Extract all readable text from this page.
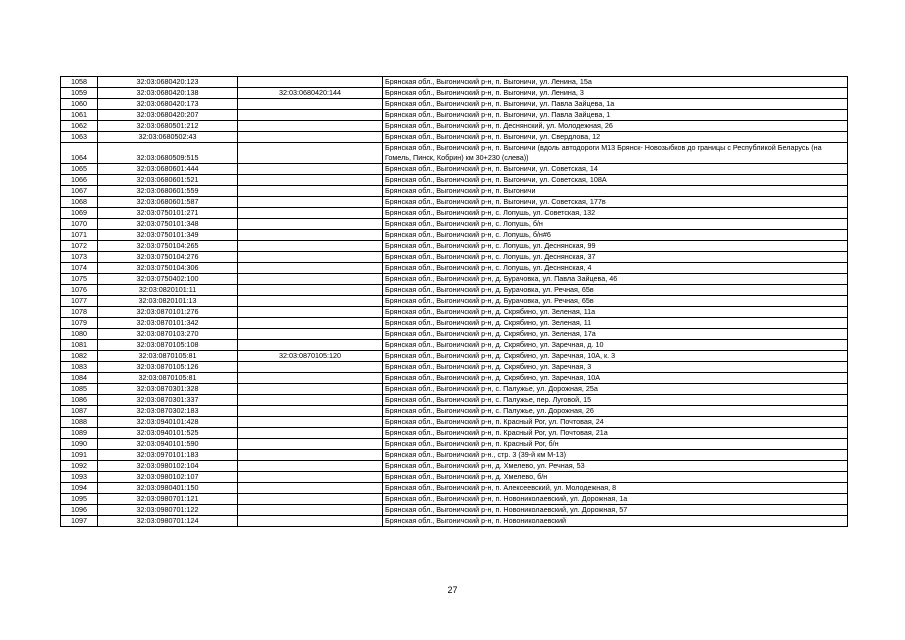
1058	32:03:0680420:123		Брянская обл., Выгоничский р-н, п. Выгоничи, ул. Ленина, 15а
1059	32:03:0680420:138	32:03:0680420:144	Брянская обл., Выгоничский р-н, п. Выгоничи, ул. Ленина, 3
1060	32:03:0680420:173		Брянская обл., Выгоничский р-н, п. Выгоничи, ул. Павла Зайцева, 1а
1061	32:03:0680420:207		Брянская обл., Выгоничский р-н, п. Выгоничи, ул. Павла Зайцева, 1
1062	32:03:0680501:212		Брянская обл., Выгоничский р-н, п. Деснянский, ул. Молодежная, 26
1063	32:03:0680502:43		Брянская обл., Выгоничский р-н, п. Выгоничи, ул. Свердлова, 12
1064	32:03:0680509:515		Брянская обл., Выгоничский р-н, п. Выгоничи (вдоль автодороги М13 Брянск- Новозыбков до границы с Республикой Беларусь (на Гомель, Пинск, Кобрин) км 30+230 (слева))
1065	32:03:0680601:444		Брянская обл., Выгоничский р-н, п. Выгоничи, ул. Советская, 14
1066	32:03:0680601:521		Брянская обл., Выгоничский р-н, п. Выгоничи, ул. Советская, 108А
1067	32:03:0680601:559		Брянская обл., Выгоничский р-н, п. Выгоничи
1068	32:03:0680601:587		Брянская обл., Выгоничский р-н, п. Выгоничи, ул. Советская, 177в
1069	32:03:0750101:271		Брянская обл., Выгоничский р-н, с. Лопушь, ул. Советская, 132
1070	32:03:0750101:348		Брянская обл., Выгоничский р-н, с. Лопушь, б/н
1071	32:03:0750101:349		Брянская обл., Выгоничский р-н, с. Лопушь, б/н#6
1072	32:03:0750104:265		Брянская обл., Выгоничский р-н, с. Лопушь, ул. Деснянская, 99
1073	32:03:0750104:276		Брянская обл., Выгоничский р-н, с. Лопушь, ул. Деснянская, 37
1074	32:03:0750104:306		Брянская обл., Выгоничский р-н, с. Лопушь, ул. Деснянская, 4
1075	32:03:0750402:100		Брянская обл., Выгоничский р-н, д. Бурачовка, ул. Павла Зайцева, 46
1076	32:03:0820101:11		Брянская обл., Выгоничский р-н, д. Бурачовка, ул. Речная, 65в
1077	32:03:0820101:13		Брянская обл., Выгоничский р-н, д. Бурачовка, ул. Речная, 65в
1078	32:03:0870101:276		Брянская обл., Выгоничский р-н, д. Скрябино, ул. Зеленая, 11а
1079	32:03:0870101:342		Брянская обл., Выгоничский р-н, д. Скрябино, ул. Зеленая, 11
1080	32:03:0870103:270		Брянская обл., Выгоничский р-н, д. Скрябино, ул. Зеленая, 17а
1081	32:03:0870105:108		Брянская обл., Выгоничский р-н, д. Скрябино, ул. Заречная, д. 10
1082	32:03:0870105:81	32:03:0870105:120	Брянская обл., Выгоничский р-н, д. Скрябино, ул. Заречная, 10А, к. 3
1083	32:03:0870105:126		Брянская обл., Выгоничский р-н, д. Скрябино, ул. Заречная, 3
1084	32:03:0870105:81		Брянская обл., Выгоничский р-н, д. Скрябино, ул. Заречная, 10А
1085	32:03:0870301:328		Брянская обл., Выгоничский р-н, с. Палужье, ул. Дорожная, 25а
1086	32:03:0870301:337		Брянская обл., Выгоничский р-н, с. Палужье, пер. Луговой, 15
1087	32:03:0870302:183		Брянская обл., Выгоничский р-н, с. Палужье, ул. Дорожная, 26
1088	32:03:0940101:428		Брянская обл., Выгоничский р-н, п. Красный Рог, ул. Почтовая, 24
1089	32:03:0940101:525		Брянская обл., Выгоничский р-н, п. Красный Рог, ул. Почтовая, 21а
1090	32:03:0940101:590		Брянская обл., Выгоничский р-н, п. Красный Рог, б/н
1091	32:03:0970101:183		Брянская обл., Выгоничский р-н., стр. 3 (39-й км М-13)
1092	32:03:0980102:104		Брянская обл., Выгоничский р-н, д. Хмелево, ул. Речная, 53
1093	32:03:0980102:107		Брянская обл., Выгоничский р-н, д. Хмелево, б/н
1094	32:03:0980401:150		Брянская обл., Выгоничский р-н, п. Алексеевский, ул. Молодежная, 8
1095	32:03:0980701:121		Брянская обл., Выгоничский р-н, п. Новониколаевский, ул. Дорожная, 1а
1096	32:03:0980701:122		Брянская обл., Выгоничский р-н, п. Новониколаевский, ул. Дорожная, 57
1097	32:03:0980701:124		Брянская обл., Выгоничский р-н, п. Новониколаевский
27
